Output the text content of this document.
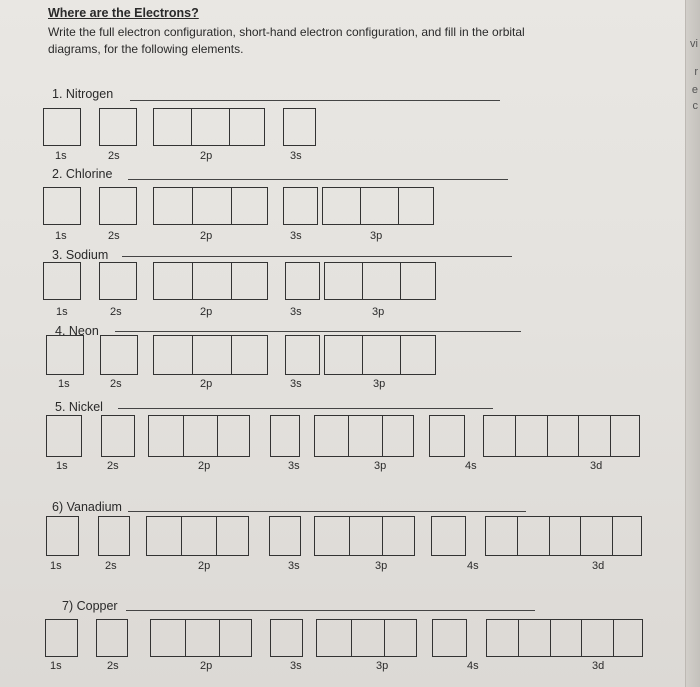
Where are the Electrons?
Write the full electron configuration, short-hand electron configuration, and fill in the orbital
diagrams, for the following elements.
1. Nitrogen
1s	2s	2p	3s
2. Chlorine
1s	2s	2p	3s	3p
3. Sodium
1s	2s	2p	3s	3p
4. Neon
1s	2s	2p	3s	3p
5. Nickel
1s	2s	2p	3s	3p	4s	3d
6) Vanadium
1s	2s	2p	3s	3p	4s	3d
7) Copper
1s	2s	2p	3s	3p	4s	3d
vi
r
e
c
